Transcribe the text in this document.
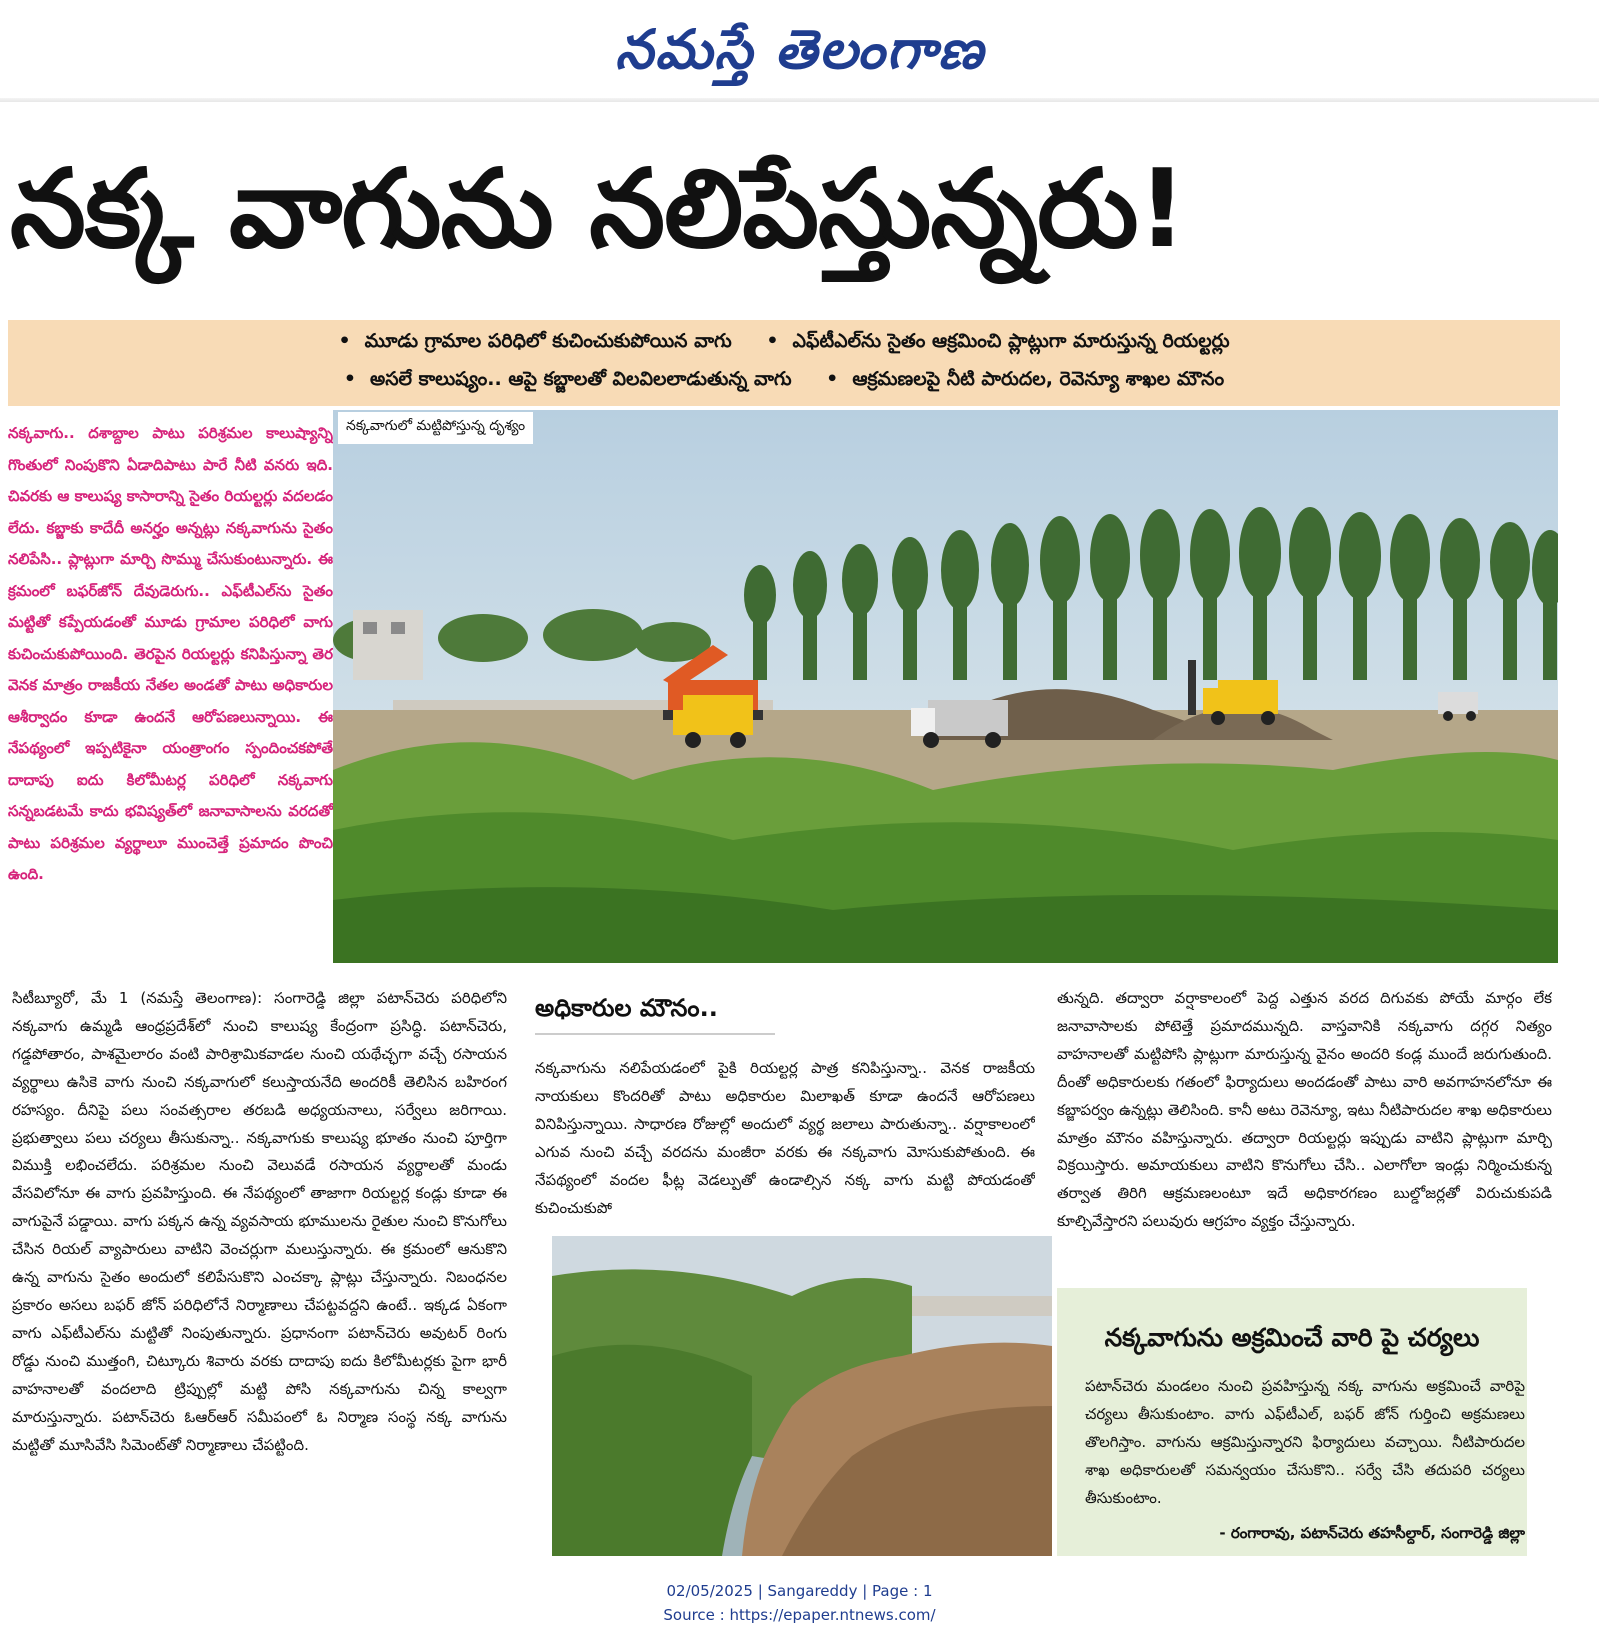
నమస్తే తెలంగాణ
నక్క వాగును నలిపేస్తున్నరు!
• మూడు గ్రామాల పరిధిలో కుచించుకుపోయిన వాగు	• ఎఫ్‌టీఎల్‌ను సైతం ఆక్రమించి ప్లాట్లుగా మారుస్తున్న రియల్టర్లు
• అసలే కాలుష్యం.. ఆపై కబ్జాలతో విలవిలలాడుతున్న వాగు	• ఆక్రమణలపై నీటి పారుదల, రెవెన్యూ శాఖల మౌనం
నక్కవాగు.. దశాబ్దాల పాటు పరిశ్రమల కాలుష్యాన్ని గొంతులో నింపుకొని ఏడాదిపాటు పారే నీటి వనరు ఇది. చివరకు ఆ కాలుష్య కాసారాన్ని సైతం రియల్టర్లు వదలడం లేదు. కబ్జాకు కాదేదీ అనర్హం అన్నట్లు నక్కవాగును సైతం నలిపేసి.. ప్లాట్లుగా మార్చి సొమ్ము చేసుకుంటున్నారు. ఈ క్రమంలో బఫర్‌జోన్ దేవుడెరుగు.. ఎఫ్‌టీఎల్‌ను సైతం మట్టితో కప్పేయడంతో మూడు గ్రామాల పరిధిలో వాగు కుచించుకుపోయింది. తెరపైన రియల్టర్లు కనిపిస్తున్నా తెర వెనక మాత్రం రాజకీయ నేతల అండతో పాటు అధికారుల ఆశీర్వాదం కూడా ఉందనే ఆరోపణలున్నాయి. ఈ నేపథ్యంలో ఇప్పటికైనా యంత్రాంగం స్పందించకపోతే దాదాపు ఐదు కిలోమీటర్ల పరిధిలో నక్కవాగు సన్నబడటమే కాదు భవిష్యత్‌లో జనావాసాలను వరదతో పాటు పరిశ్రమల వ్యర్థాలూ ముంచెత్తే ప్రమాదం పొంచి ఉంది.
నక్కవాగులో మట్టిపోస్తున్న దృశ్యం
సిటీబ్యూరో, మే 1 (నమస్తే తెలంగాణ): సంగారెడ్డి జిల్లా పటాన్‌చెరు పరిధిలోని నక్కవాగు ఉమ్మడి ఆంధ్రప్రదేశ్‌లో నుంచి కాలుష్య కేంద్రంగా ప్రసిద్ధి. పటాన్‌చెరు, గడ్డపోతారం, పాశమైలారం వంటి పారిశ్రామికవాడల నుంచి యథేచ్ఛగా వచ్చే రసాయన వ్యర్థాలు ఉసికె వాగు నుంచి నక్కవాగులో కలుస్తాయనేది అందరికీ తెలిసిన బహిరంగ రహస్యం. దీనిపై పలు సంవత్సరాల తరబడి అధ్యయనాలు, సర్వేలు జరిగాయి. ప్రభుత్వాలు పలు చర్యలు తీసుకున్నా.. నక్కవాగుకు కాలుష్య భూతం నుంచి పూర్తిగా విముక్తి లభించలేదు. పరిశ్రమల నుంచి వెలువడే రసాయన వ్యర్థాలతో మండు వేసవిలోనూ ఈ వాగు ప్రవహిస్తుంది. ఈ నేపథ్యంలో తాజాగా రియల్టర్ల కండ్లు కూడా ఈ వాగుపైనే పడ్డాయి. వాగు పక్కన ఉన్న వ్యవసాయ భూములను రైతుల నుంచి కొనుగోలు చేసిన రియల్ వ్యాపారులు వాటిని వెంచర్లుగా మలుస్తున్నారు. ఈ క్రమంలో ఆనుకొని ఉన్న వాగును సైతం అందులో కలిపేసుకొని ఎంచక్కా ప్లాట్లు చేస్తున్నారు. నిబంధనల ప్రకారం అసలు బఫర్ జోన్ పరిధిలోనే నిర్మాణాలు చేపట్టవద్దని ఉంటే.. ఇక్కడ ఏకంగా వాగు ఎఫ్‌టీఎల్‌ను మట్టితో నింపుతున్నారు. ప్రధానంగా పటాన్‌చెరు అవుటర్ రింగు రోడ్డు నుంచి ముత్తంగి, చిట్కూరు శివారు వరకు దాదాపు ఐదు కిలోమీటర్లకు పైగా భారీ వాహనాలతో వందలాది ట్రిప్పుల్లో మట్టి పోసి నక్కవాగును చిన్న కాల్వగా మారుస్తున్నారు. పటాన్‌చెరు ఓఆర్‌ఆర్ సమీపంలో ఓ నిర్మాణ సంస్థ నక్క వాగును మట్టితో మూసివేసి సిమెంట్‌తో నిర్మాణాలు చేపట్టింది.
అధికారుల మౌనం..
నక్కవాగును నలిపేయడంలో పైకి రియల్టర్ల పాత్ర కనిపిస్తున్నా.. వెనక రాజకీయ నాయకులు కొందరితో పాటు అధికారుల మిలాఖత్ కూడా ఉందనే ఆరోపణలు వినిపిస్తున్నాయి. సాధారణ రోజుల్లో అందులో వ్యర్థ జలాలు పారుతున్నా.. వర్షాకాలంలో ఎగువ నుంచి వచ్చే వరదను మంజీరా వరకు ఈ నక్కవాగు మోసుకుపోతుంది. ఈ నేపథ్యంలో వందల ఫీట్ల వెడల్పుతో ఉండాల్సిన నక్క వాగు మట్టి పోయడంతో కుచించుకుపో
తున్నది. తద్వారా వర్షాకాలంలో పెద్ద ఎత్తున వరద దిగువకు పోయే మార్గం లేక జనావాసాలకు పోటెత్తే ప్రమాదమున్నది. వాస్తవానికి నక్కవాగు దగ్గర నిత్యం వాహనాలతో మట్టిపోసి ప్లాట్లుగా మారుస్తున్న వైనం అందరి కండ్ల ముందే జరుగుతుంది. దీంతో అధికారులకు గతంలో ఫిర్యాదులు అందడంతో పాటు వారి అవగాహనలోనూ ఈ కబ్జాపర్వం ఉన్నట్లు తెలిసింది. కానీ అటు రెవెన్యూ, ఇటు నీటిపారుదల శాఖ అధికారులు మాత్రం మౌనం వహిస్తున్నారు. తద్వారా రియల్టర్లు ఇప్పుడు వాటిని ప్లాట్లుగా మార్చి విక్రయిస్తారు. అమాయకులు వాటిని కొనుగోలు చేసి.. ఎలాగోలా ఇండ్లు నిర్మించుకున్న తర్వాత తిరిగి ఆక్రమణలంటూ ఇదే అధికారగణం బుల్డోజర్లతో విరుచుకుపడి కూల్చివేస్తారని పలువురు ఆగ్రహం వ్యక్తం చేస్తున్నారు.
నక్కవాగును అక్రమించే వారి పై చర్యలు
పటాన్‌చెరు మండలం నుంచి ప్రవహిస్తున్న నక్క వాగును అక్రమించే వారిపై చర్యలు తీసుకుంటాం. వాగు ఎఫ్‌టీఎల్, బఫర్ జోన్ గుర్తించి అక్రమణలు తొలగిస్తాం. వాగును ఆక్రమిస్తున్నారని ఫిర్యాదులు వచ్చాయి. నీటిపారుదల శాఖ అధికారులతో సమన్వయం చేసుకొని.. సర్వే చేసి తదుపరి చర్యలు తీసుకుంటాం.
- రంగారావు, పటాన్‌చెరు తహసీల్దార్, సంగారెడ్డి జిల్లా
02/05/2025 | Sangareddy | Page : 1
Source : https://epaper.ntnews.com/
